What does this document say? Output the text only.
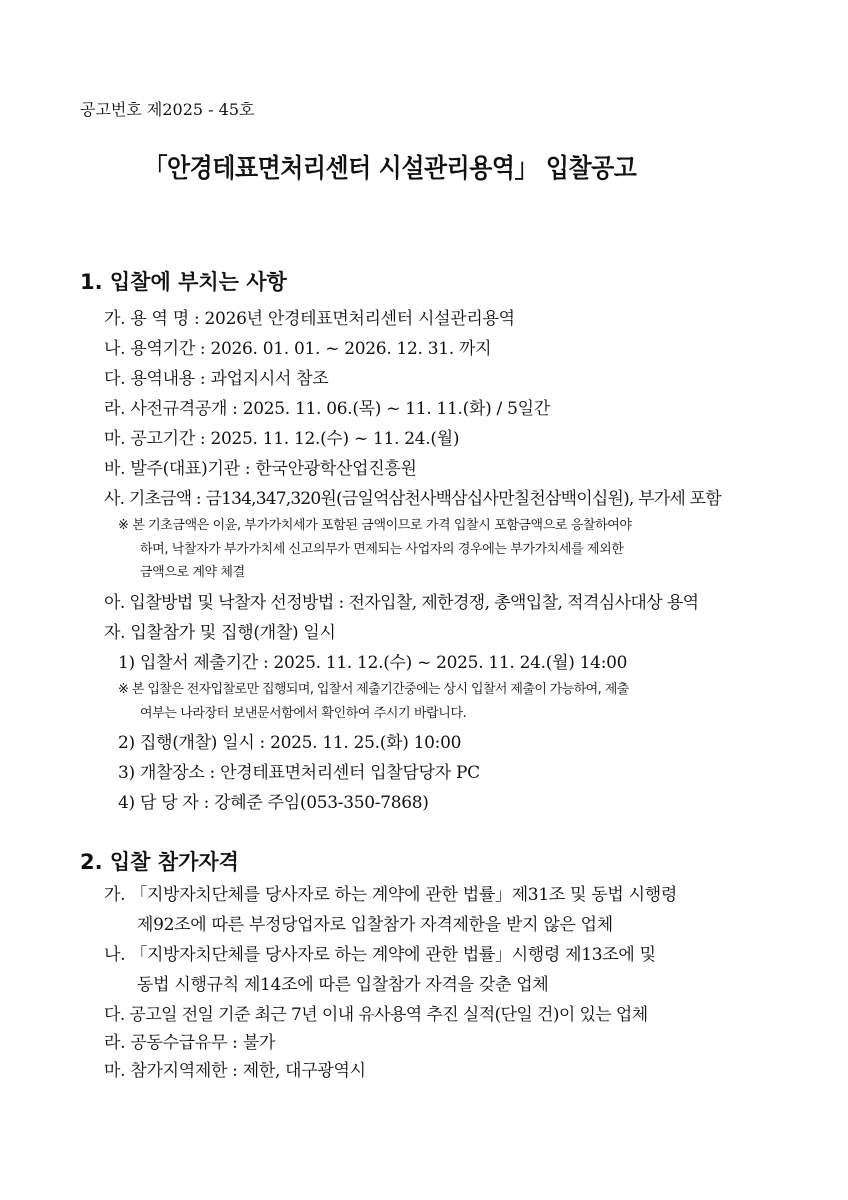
공고번호 제2025 - 45호
「안경테표면처리센터 시설관리용역」 입찰공고
1. 입찰에 부치는 사항
가. 용 역 명 : 2026년 안경테표면처리센터 시설관리용역
나. 용역기간 : 2026. 01. 01. ~ 2026. 12. 31. 까지
다. 용역내용 : 과업지시서 참조
라. 사전규격공개 : 2025. 11. 06.(목) ~ 11. 11.(화) / 5일간
마. 공고기간 : 2025. 11. 12.(수) ~ 11. 24.(월)
바. 발주(대표)기관 : 한국안광학산업진흥원
사. 기초금액 : 금134,347,320원(금일억삼천사백삼십사만칠천삼백이십원), 부가세 포함
※ 본 기초금액은 이윤, 부가가치세가 포함된 금액이므로 가격 입찰시 포함금액으로 응찰하여야
하며, 낙찰자가 부가가치세 신고의무가 면제되는 사업자의 경우에는 부가가치세를 제외한
금액으로 계약 체결
아. 입찰방법 및 낙찰자 선정방법 : 전자입찰, 제한경쟁, 총액입찰, 적격심사대상 용역
자. 입찰참가 및 집행(개찰) 일시
1) 입찰서 제출기간 : 2025. 11. 12.(수) ~ 2025. 11. 24.(월) 14:00
※ 본 입찰은 전자입찰로만 집행되며, 입찰서 제출기간중에는 상시 입찰서 제출이 가능하여, 제출
여부는 나라장터 보낸문서함에서 확인하여 주시기 바랍니다.
2) 집행(개찰) 일시 : 2025. 11. 25.(화) 10:00
3) 개찰장소 : 안경테표면처리센터 입찰담당자 PC
4) 담 당 자 : 강혜준 주임(053-350-7868)
2. 입찰 참가자격
가. 「지방자치단체를 당사자로 하는 계약에 관한 법률」제31조 및 동법 시행령
제92조에 따른 부정당업자로 입찰참가 자격제한을 받지 않은 업체
나. 「지방자치단체를 당사자로 하는 계약에 관한 법률」시행령 제13조에 및
동법 시행규칙 제14조에 따른 입찰참가 자격을 갖춘 업체
다. 공고일 전일 기준 최근 7년 이내 유사용역 추진 실적(단일 건)이 있는 업체
라. 공동수급유무 : 불가
마. 참가지역제한 : 제한, 대구광역시
